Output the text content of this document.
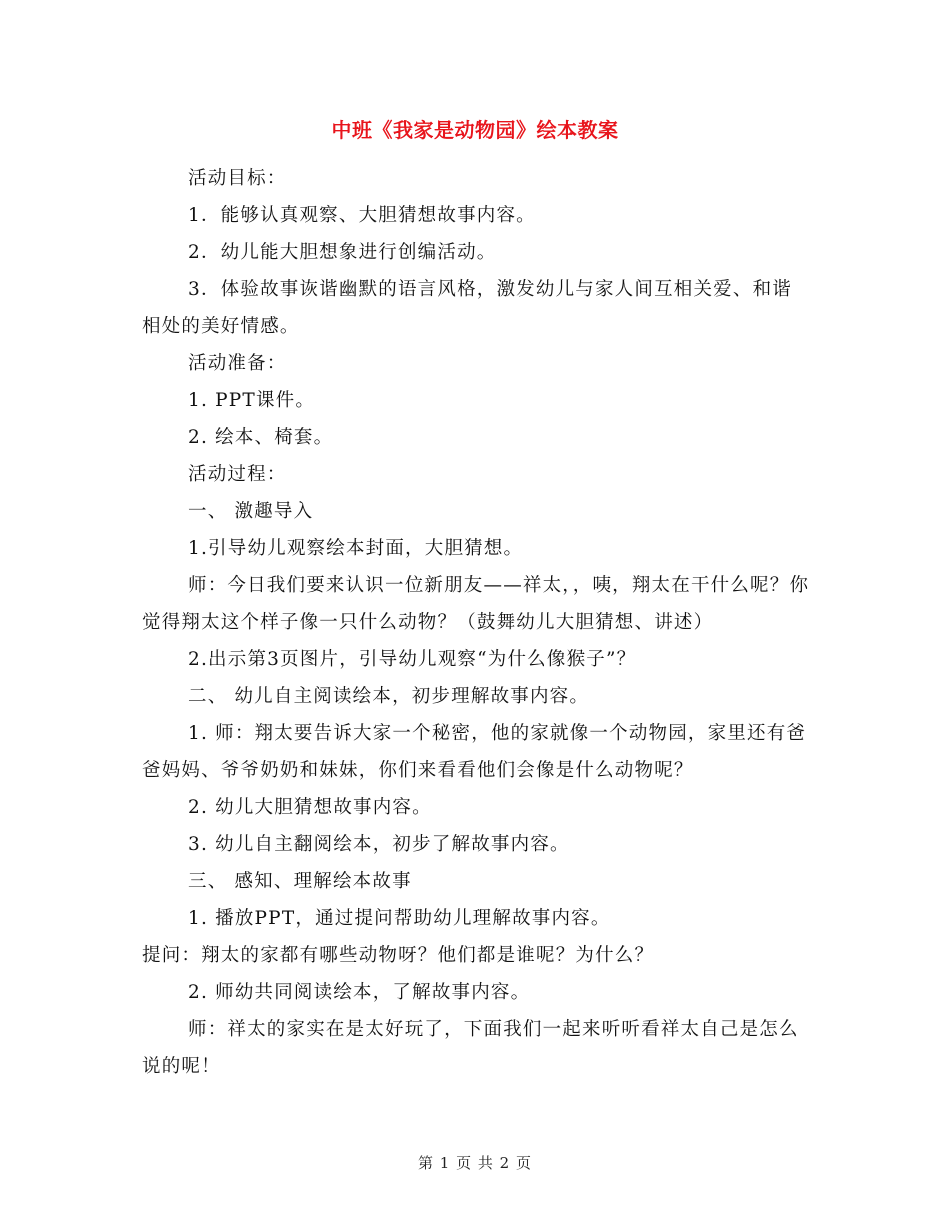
中班《我家是动物园》绘本教案

活动目标：

1．能够认真观察、大胆猜想故事内容。

2．幼儿能大胆想象进行创编活动。

3．体验故事诙谐幽默的语言风格，激发幼儿与家人间互相关爱、和谐相处的美好情感。

活动准备：

1. PPT课件。

2. 绘本、椅套。

活动过程：

一、 激趣导入

1.引导幼儿观察绘本封面，大胆猜想。

师：今日我们要来认识一位新朋友——祥太，，咦，翔太在干什么呢？你觉得翔太这个样子像一只什么动物？（鼓舞幼儿大胆猜想、讲述）

2.出示第3页图片，引导幼儿观察“为什么像猴子”？

二、 幼儿自主阅读绘本，初步理解故事内容。

1. 师：翔太要告诉大家一个秘密，他的家就像一个动物园，家里还有爸爸妈妈、爷爷奶奶和妹妹，你们来看看他们会像是什么动物呢？

2. 幼儿大胆猜想故事内容。

3. 幼儿自主翻阅绘本，初步了解故事内容。

三、 感知、理解绘本故事

1. 播放PPT，通过提问帮助幼儿理解故事内容。

提问：翔太的家都有哪些动物呀？他们都是谁呢？为什么？

2. 师幼共同阅读绘本，了解故事内容。

师：祥太的家实在是太好玩了，下面我们一起来听听看祥太自己是怎么说的呢！

第 1 页 共 2 页
